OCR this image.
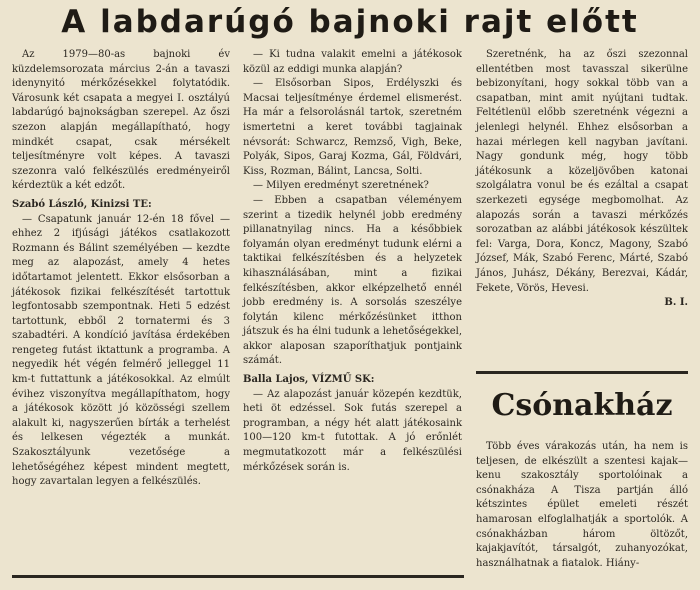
A labdarúgó bajnoki rajt előtt

Az 1979—80-as bajnoki év küzdelemsorozata március 2-án a tavaszi idenynyitó mérkőzésekkel folytatódik. Városunk két csapata a megyei I. osztályú labdarúgó bajnokságban szerepel. Az őszi szezon alapján megállapítható, hogy mindkét csapat, csak mérsékelt teljesítményre volt képes. A tavaszi szezonra való felkészülés eredményeiről kérdeztük a két edzőt.

Szabó László, Kinizsi TE:

— Csapatunk január 12-én 18 fővel — ehhez 2 ifjúsági játékos csatlakozott Rozmann és Bálint személyében — kezdte meg az alapozást, amely 4 hetes időtartamot jelentett. Ekkor elsősorban a játékosok fizikai felkészítését tartottuk legfontosabb szempontnak. Heti 5 edzést tartottunk, ebből 2 tornatermi és 3 szabadtéri. A kondíció javítása érdekében rengeteg futást iktattunk a programba. A negyedik hét végén felmérő jelleggel 11 km-t futtattunk a játékosokkal. Az elmúlt évihez viszonyítva megállapíthatom, hogy a játékosok között jó közösségi szellem alakult ki, nagyszerűen bírták a terhelést és lelkesen végezték a munkát. Szakosztályunk vezetősége a lehetőségéhez képest mindent megtett, hogy zavartalan legyen a felkészülés.

— Ki tudna valakit emelni a játékosok közül az eddigi munka alapján?

— Elsősorban Sipos, Erdélyszki és Macsai teljesítménye érdemel elismerést. Ha már a felsorolásnál tartok, szeretném ismertetni a keret további tagjainak névsorát: Schwarcz, Remzső, Vigh, Beke, Polyák, Sipos, Garaj Kozma, Gál, Földvári, Kiss, Rozman, Bálint, Lancsa, Solti.

— Milyen eredményt szeretnének?

— Ebben a csapatban véleményem szerint a tizedik helynél jobb eredmény pillanatnyilag nincs. Ha a későbbiek folyamán olyan eredményt tudunk elérni a taktikai felkészítésben és a helyzetek kihasználásában, mint a fizikai felkészítésben, akkor elképzelhető ennél jobb eredmény is. A sorsolás szeszélye folytán kilenc mérkőzésünket itthon játszuk és ha élni tudunk a lehetőségekkel, akkor alaposan szaporíthatjuk pontjaink számát.

Balla Lajos, VÍZMŰ SK:

— Az alapozást január közepén kezdtük, heti öt edzéssel. Sok futás szerepel a programban, a négy hét alatt játékosaink 100—120 km-t futottak. A jó erőnlét megmutatkozott már a felkészülési mérkőzések során is.

Szeretnénk, ha az őszi szezonnal ellentétben most tavasszal sikerülne bebizonyítani, hogy sokkal több van a csapatban, mint amit nyújtani tudtak. Feltétlenül előbb szeretnénk végezni a jelenlegi helynél. Ehhez elsősorban a hazai mérlegen kell nagyban javítani. Nagy gondunk még, hogy több játékosunk a közeljövőben katonai szolgálatra vonul be és ezáltal a csapat szerkezeti egysége megbomolhat. Az alapozás során a tavaszi mérkőzés sorozatban az alábbi játékosok készültek fel: Varga, Dora, Koncz, Magony, Szabó József, Mák, Szabó Ferenc, Márté, Szabó János, Juhász, Dékány, Berezvai, Kádár, Fekete, Vörös, Hevesi.

B. I.

Csónakház

Több éves várakozás után, ha nem is teljesen, de elkészült a szentesi kajak—kenu szakosztály sportolóinak a csónakháza A Tisza partján álló kétszintes épület emeleti részét hamarosan elfoglalhatják a sportolók. A csónakházban három öltözőt, kajakjavítót, társalgót, zuhanyozókat, használhatnak a fiatalok. Hiány-
